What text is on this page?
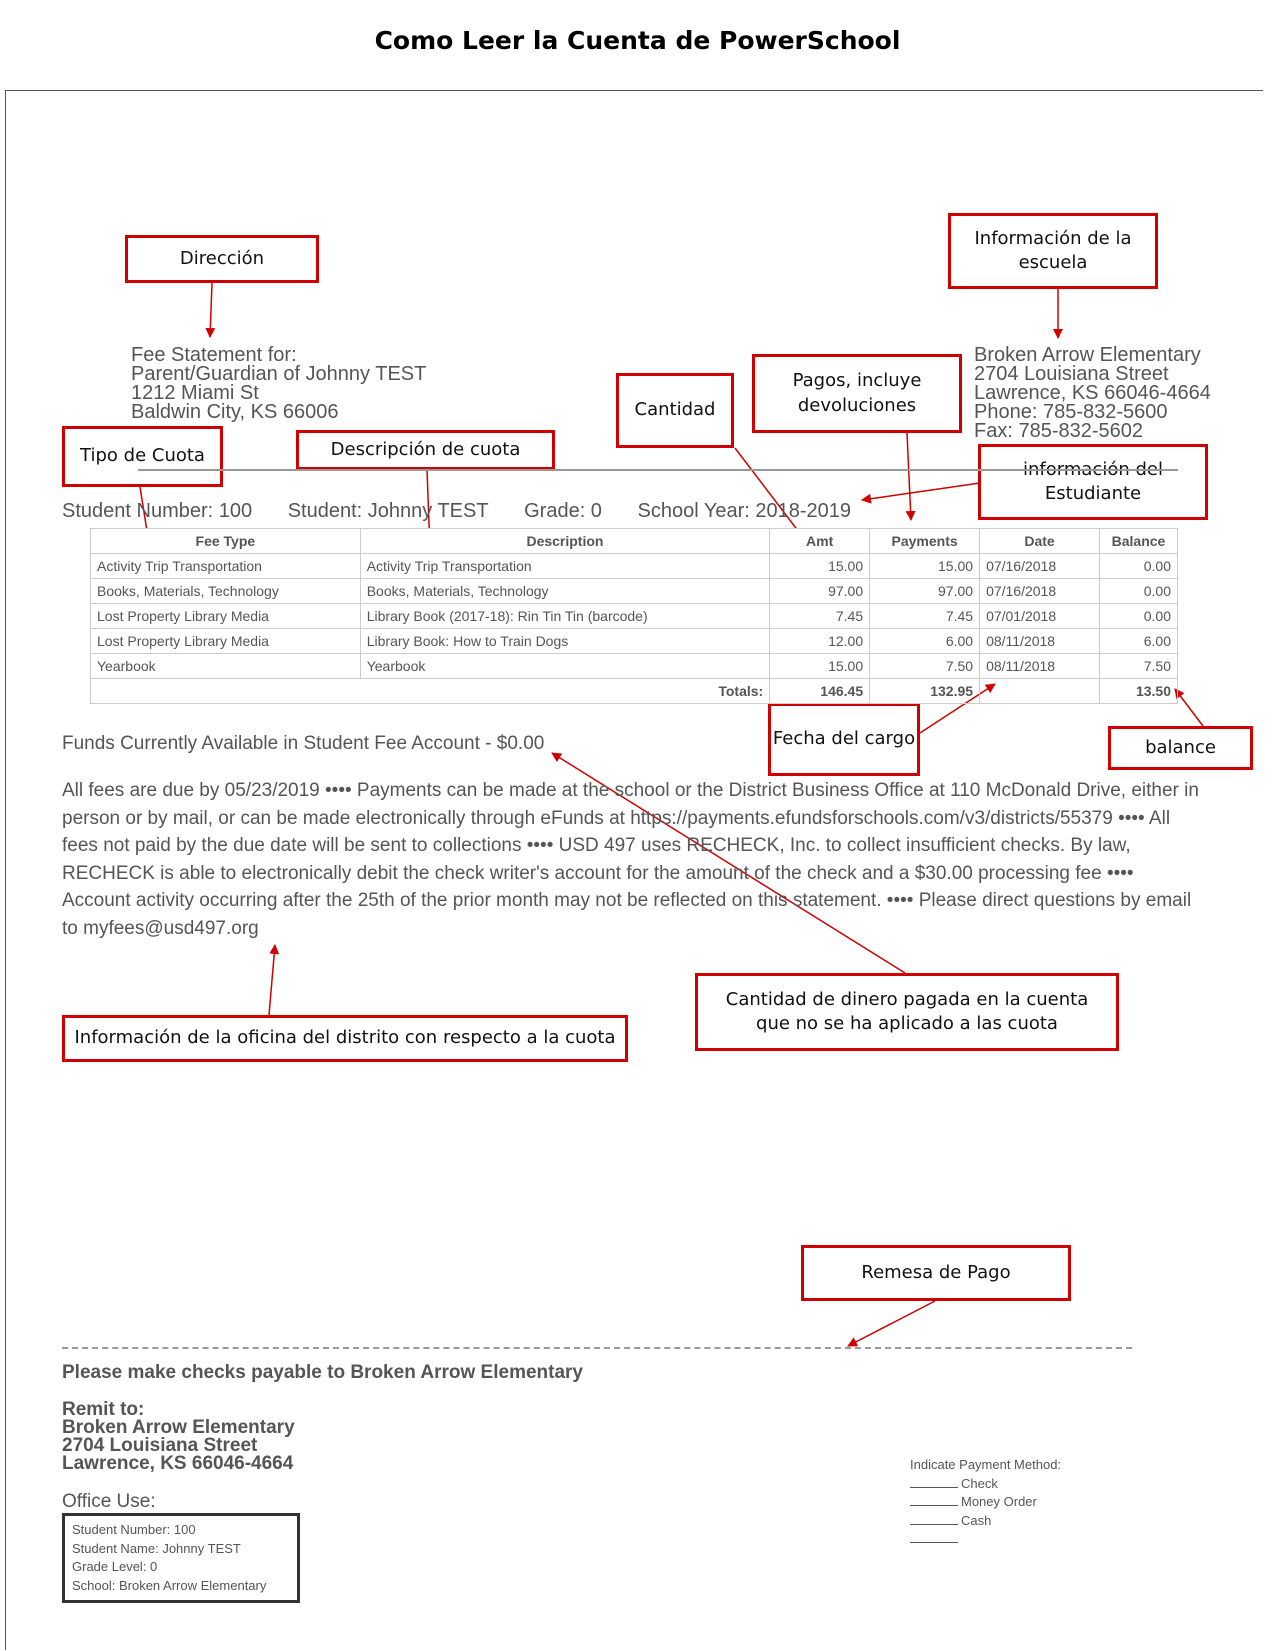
Como Leer la Cuenta de PowerSchool
Dirección
Información de la escuela
Pagos, incluye devoluciones
Cantidad
Tipo de Cuota	Descripción de cuota
información del Estudiante
Fecha del cargo	balance
Información de la oficina del distrito con respecto a la cuota
Cantidad de dinero pagada en la cuenta que no se ha aplicado a las cuota
Remesa de Pago
Fee Statement for:
Parent/Guardian of Johnny TEST
1212 Miami St
Baldwin City, KS 66006
Broken Arrow Elementary
2704 Louisiana Street
Lawrence, KS 66046-4664
Phone: 785-832-5600
Fax: 785-832-5602
Student Number: 100 Student: Johnny TEST Grade: 0 School Year: 2018-2019
Fee Type	Description	Amt	Payments	Date	Balance
Activity Trip Transportation	Activity Trip Transportation	15.00	15.00	07/16/2018	0.00
Books, Materials, Technology	Books, Materials, Technology	97.00	97.00	07/16/2018	0.00
Lost Property Library Media	Library Book (2017-18): Rin Tin Tin (barcode)	7.45	7.45	07/01/2018	0.00
Lost Property Library Media	Library Book: How to Train Dogs	12.00	6.00	08/11/2018	6.00
Yearbook	Yearbook	15.00	7.50	08/11/2018	7.50
Totals:		146.45	132.95		13.50
Funds Currently Available in Student Fee Account - $0.00
All fees are due by 05/23/2019 •••• Payments can be made at the school or the District Business Office at 110 McDonald Drive, either in person or by mail, or can be made electronically through eFunds at https://payments.efundsforschools.com/v3/districts/55379 •••• All fees not paid by the due date will be sent to collections •••• USD 497 uses RECHECK, Inc. to collect insufficient checks. By law, RECHECK is able to electronically debit the check writer's account for the amount of the check and a $30.00 processing fee •••• Account activity occurring after the 25th of the prior month may not be reflected on this statement. •••• Please direct questions by email to myfees@usd497.org
Please make checks payable to Broken Arrow Elementary
Remit to:
Broken Arrow Elementary
2704 Louisiana Street
Lawrence, KS 66046-4664
Office Use:
Student Number: 100
Student Name: Johnny TEST
Grade Level: 0
School: Broken Arrow Elementary
Indicate Payment Method:
Check
Money Order
Cash
